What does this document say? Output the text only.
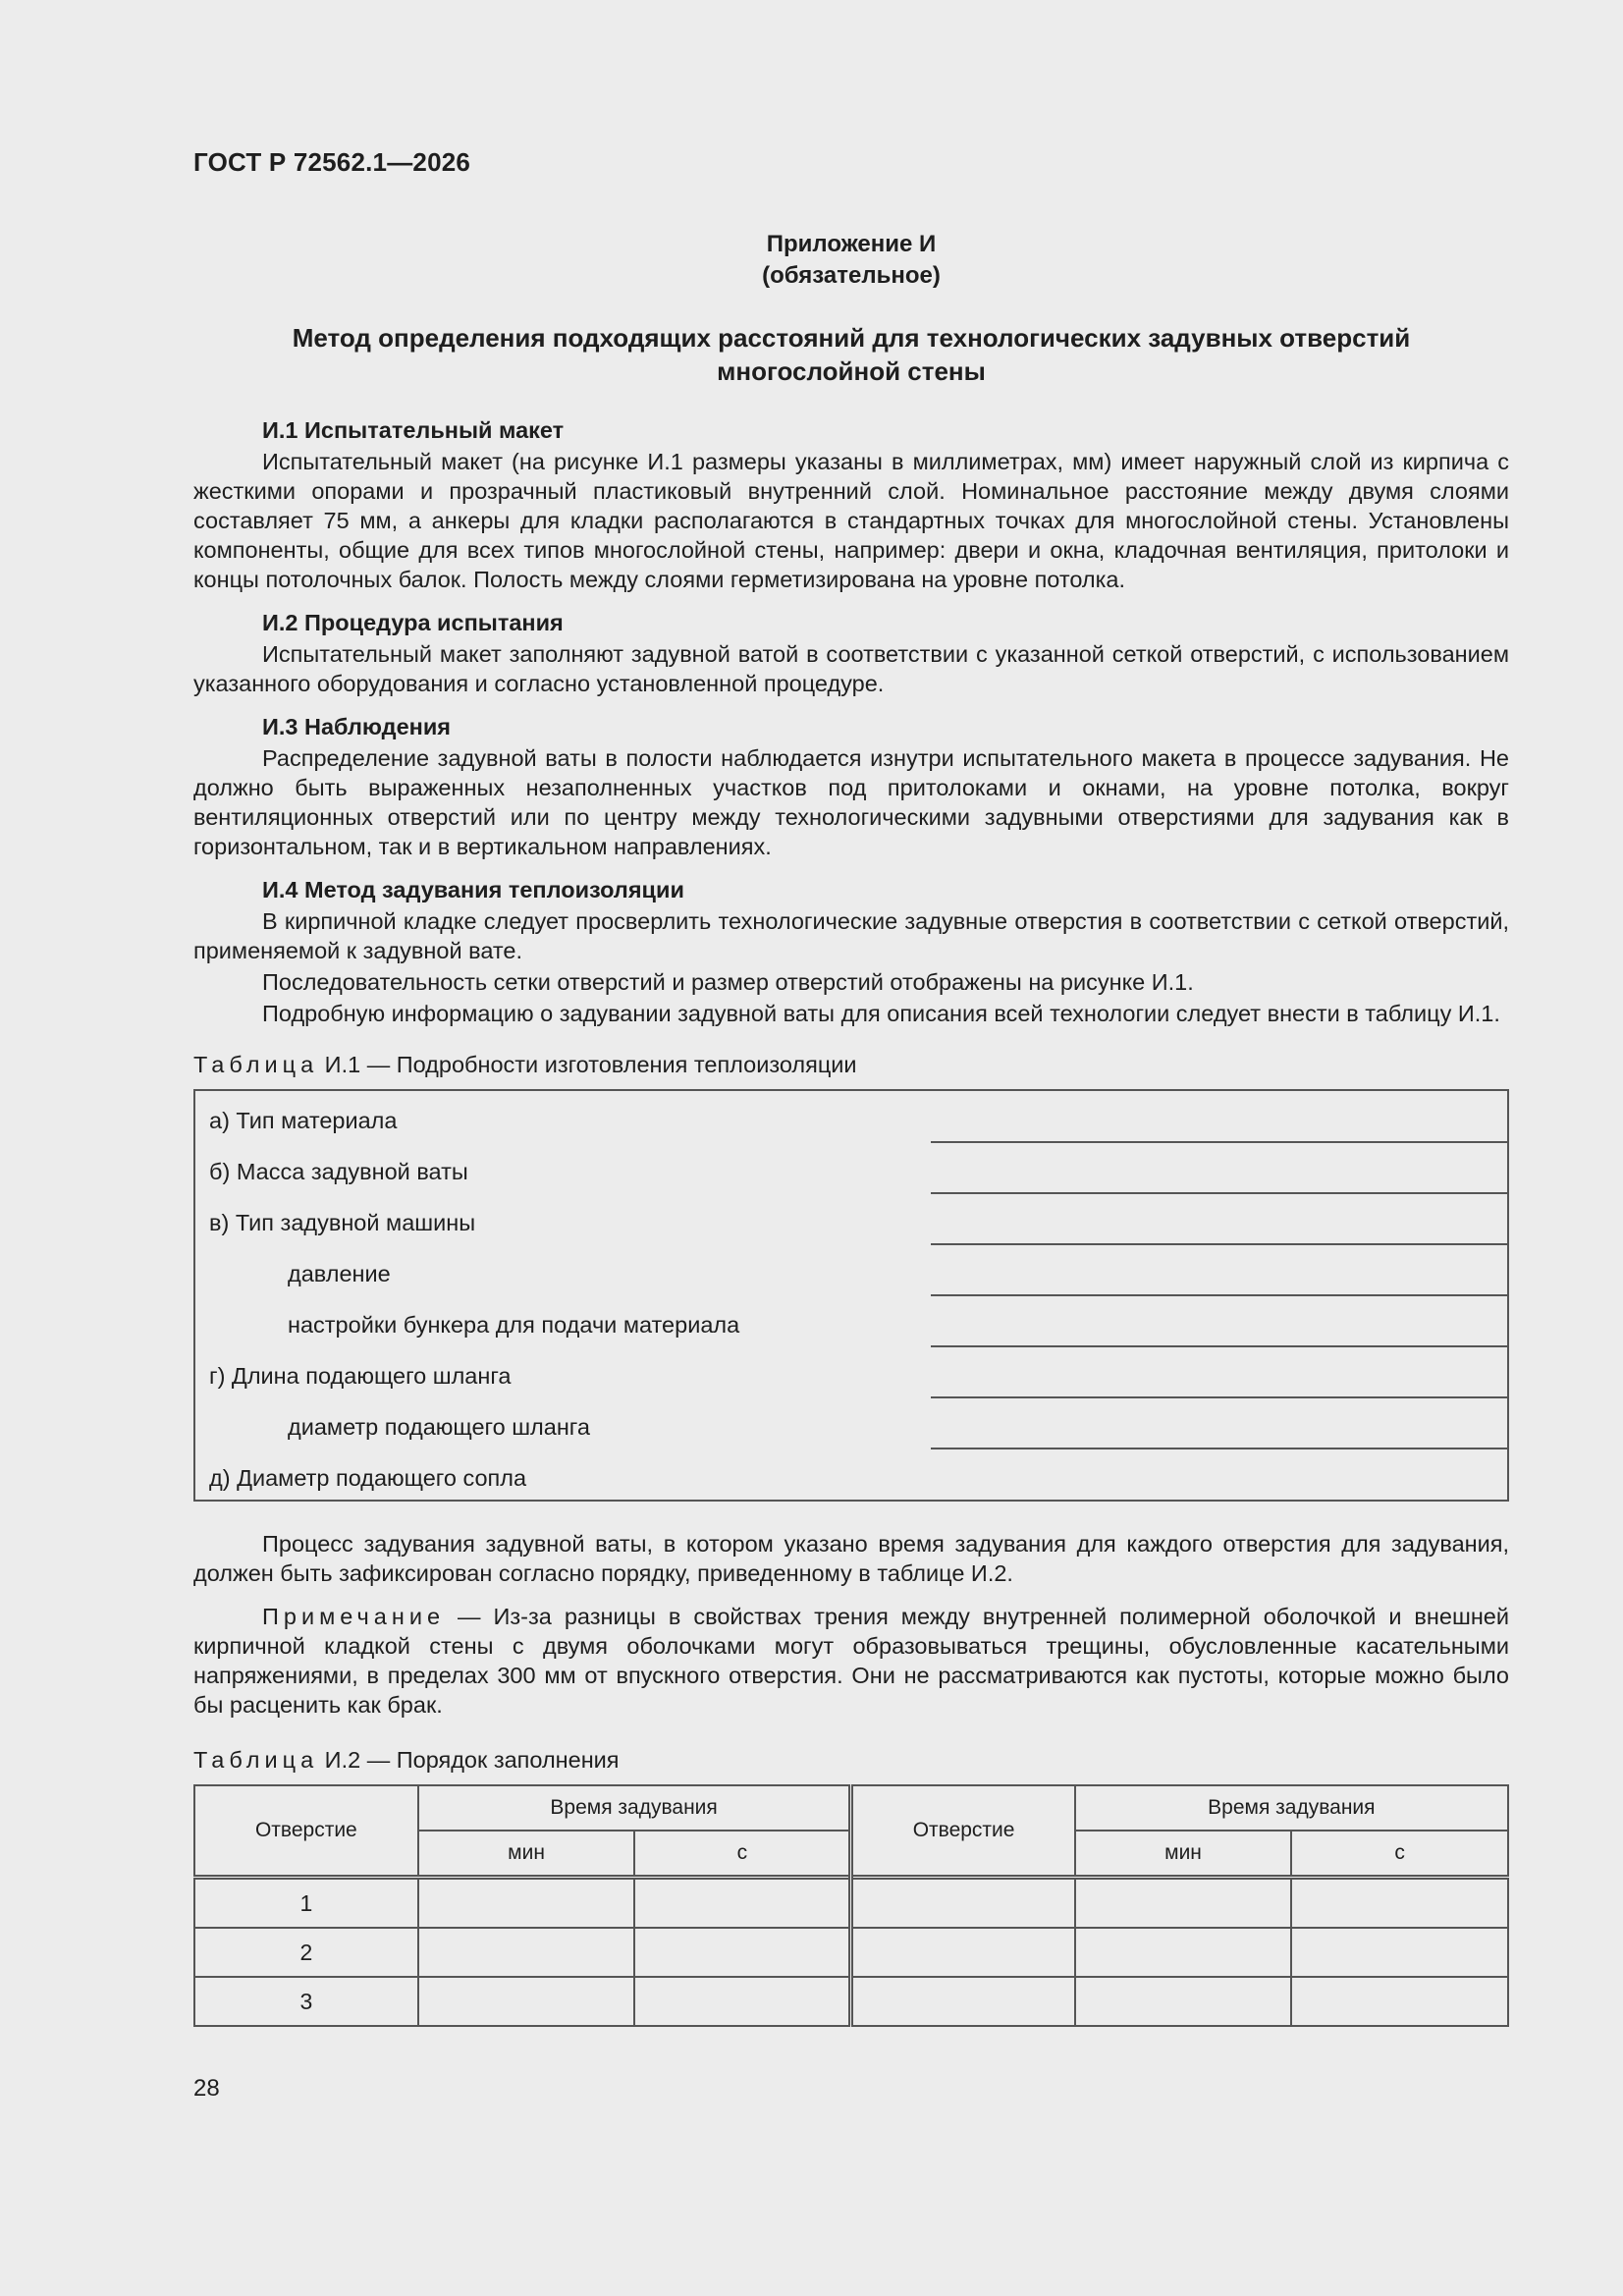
ГОСТ Р 72562.1—2026
Приложение И
(обязательное)
Метод определения подходящих расстояний для технологических задувных отверстий
многослойной стены
И.1 Испытательный макет

Испытательный макет (на рисунке И.1 размеры указаны в миллиметрах, мм) имеет наружный слой из кирпича с жесткими опорами и прозрачный пластиковый внутренний слой. Номинальное расстояние между двумя слоями составляет 75 мм, а анкеры для кладки располагаются в стандартных точках для многослойной стены. Установлены компоненты, общие для всех типов многослойной стены, например: двери и окна, кладочная вентиляция, притолоки и концы потолочных балок. Полость между слоями герметизирована на уровне потолка.

И.2 Процедура испытания

Испытательный макет заполняют задувной ватой в соответствии с указанной сеткой отверстий, с использованием указанного оборудования и согласно установленной процедуре.

И.3 Наблюдения

Распределение задувной ваты в полости наблюдается изнутри испытательного макета в процессе задувания. Не должно быть выраженных незаполненных участков под притолоками и окнами, на уровне потолка, вокруг вентиляционных отверстий или по центру между технологическими задувными отверстиями для задувания как в горизонтальном, так и в вертикальном направлениях.

И.4 Метод задувания теплоизоляции

В кирпичной кладке следует просверлить технологические задувные отверстия в соответствии с сеткой отверстий, применяемой к задувной вате.

Последовательность сетки отверстий и размер отверстий отображены на рисунке И.1.

Подробную информацию о задувании задувной ваты для описания всей технологии следует внести в таблицу И.1.

Таблица И.1 — Подробности изготовления теплоизоляции
а) Тип материала	
б) Масса задувной ваты	
в) Тип задувной машины	
давление	
настройки бункера для подачи материала	
г) Длина подающего шланга	
диаметр подающего шланга	
д) Диаметр подающего сопла	

Процесс задувания задувной ваты, в котором указано время задувания для каждого отверстия для задувания, должен быть зафиксирован согласно порядку, приведенному в таблице И.2.

Примечание — Из-за разницы в свойствах трения между внутренней полимерной оболочкой и внешней кирпичной кладкой стены с двумя оболочками могут образовываться трещины, обусловленные касательными напряжениями, в пределах 300 мм от впускного отверстия. Они не рассматриваются как пустоты, которые можно было бы расценить как брак.

Таблица И.2 — Порядок заполнения
Отверстие	Время задувания		Отверстие	Время задувания	
	мин	с		мин	с
1					
2					
3					
28
